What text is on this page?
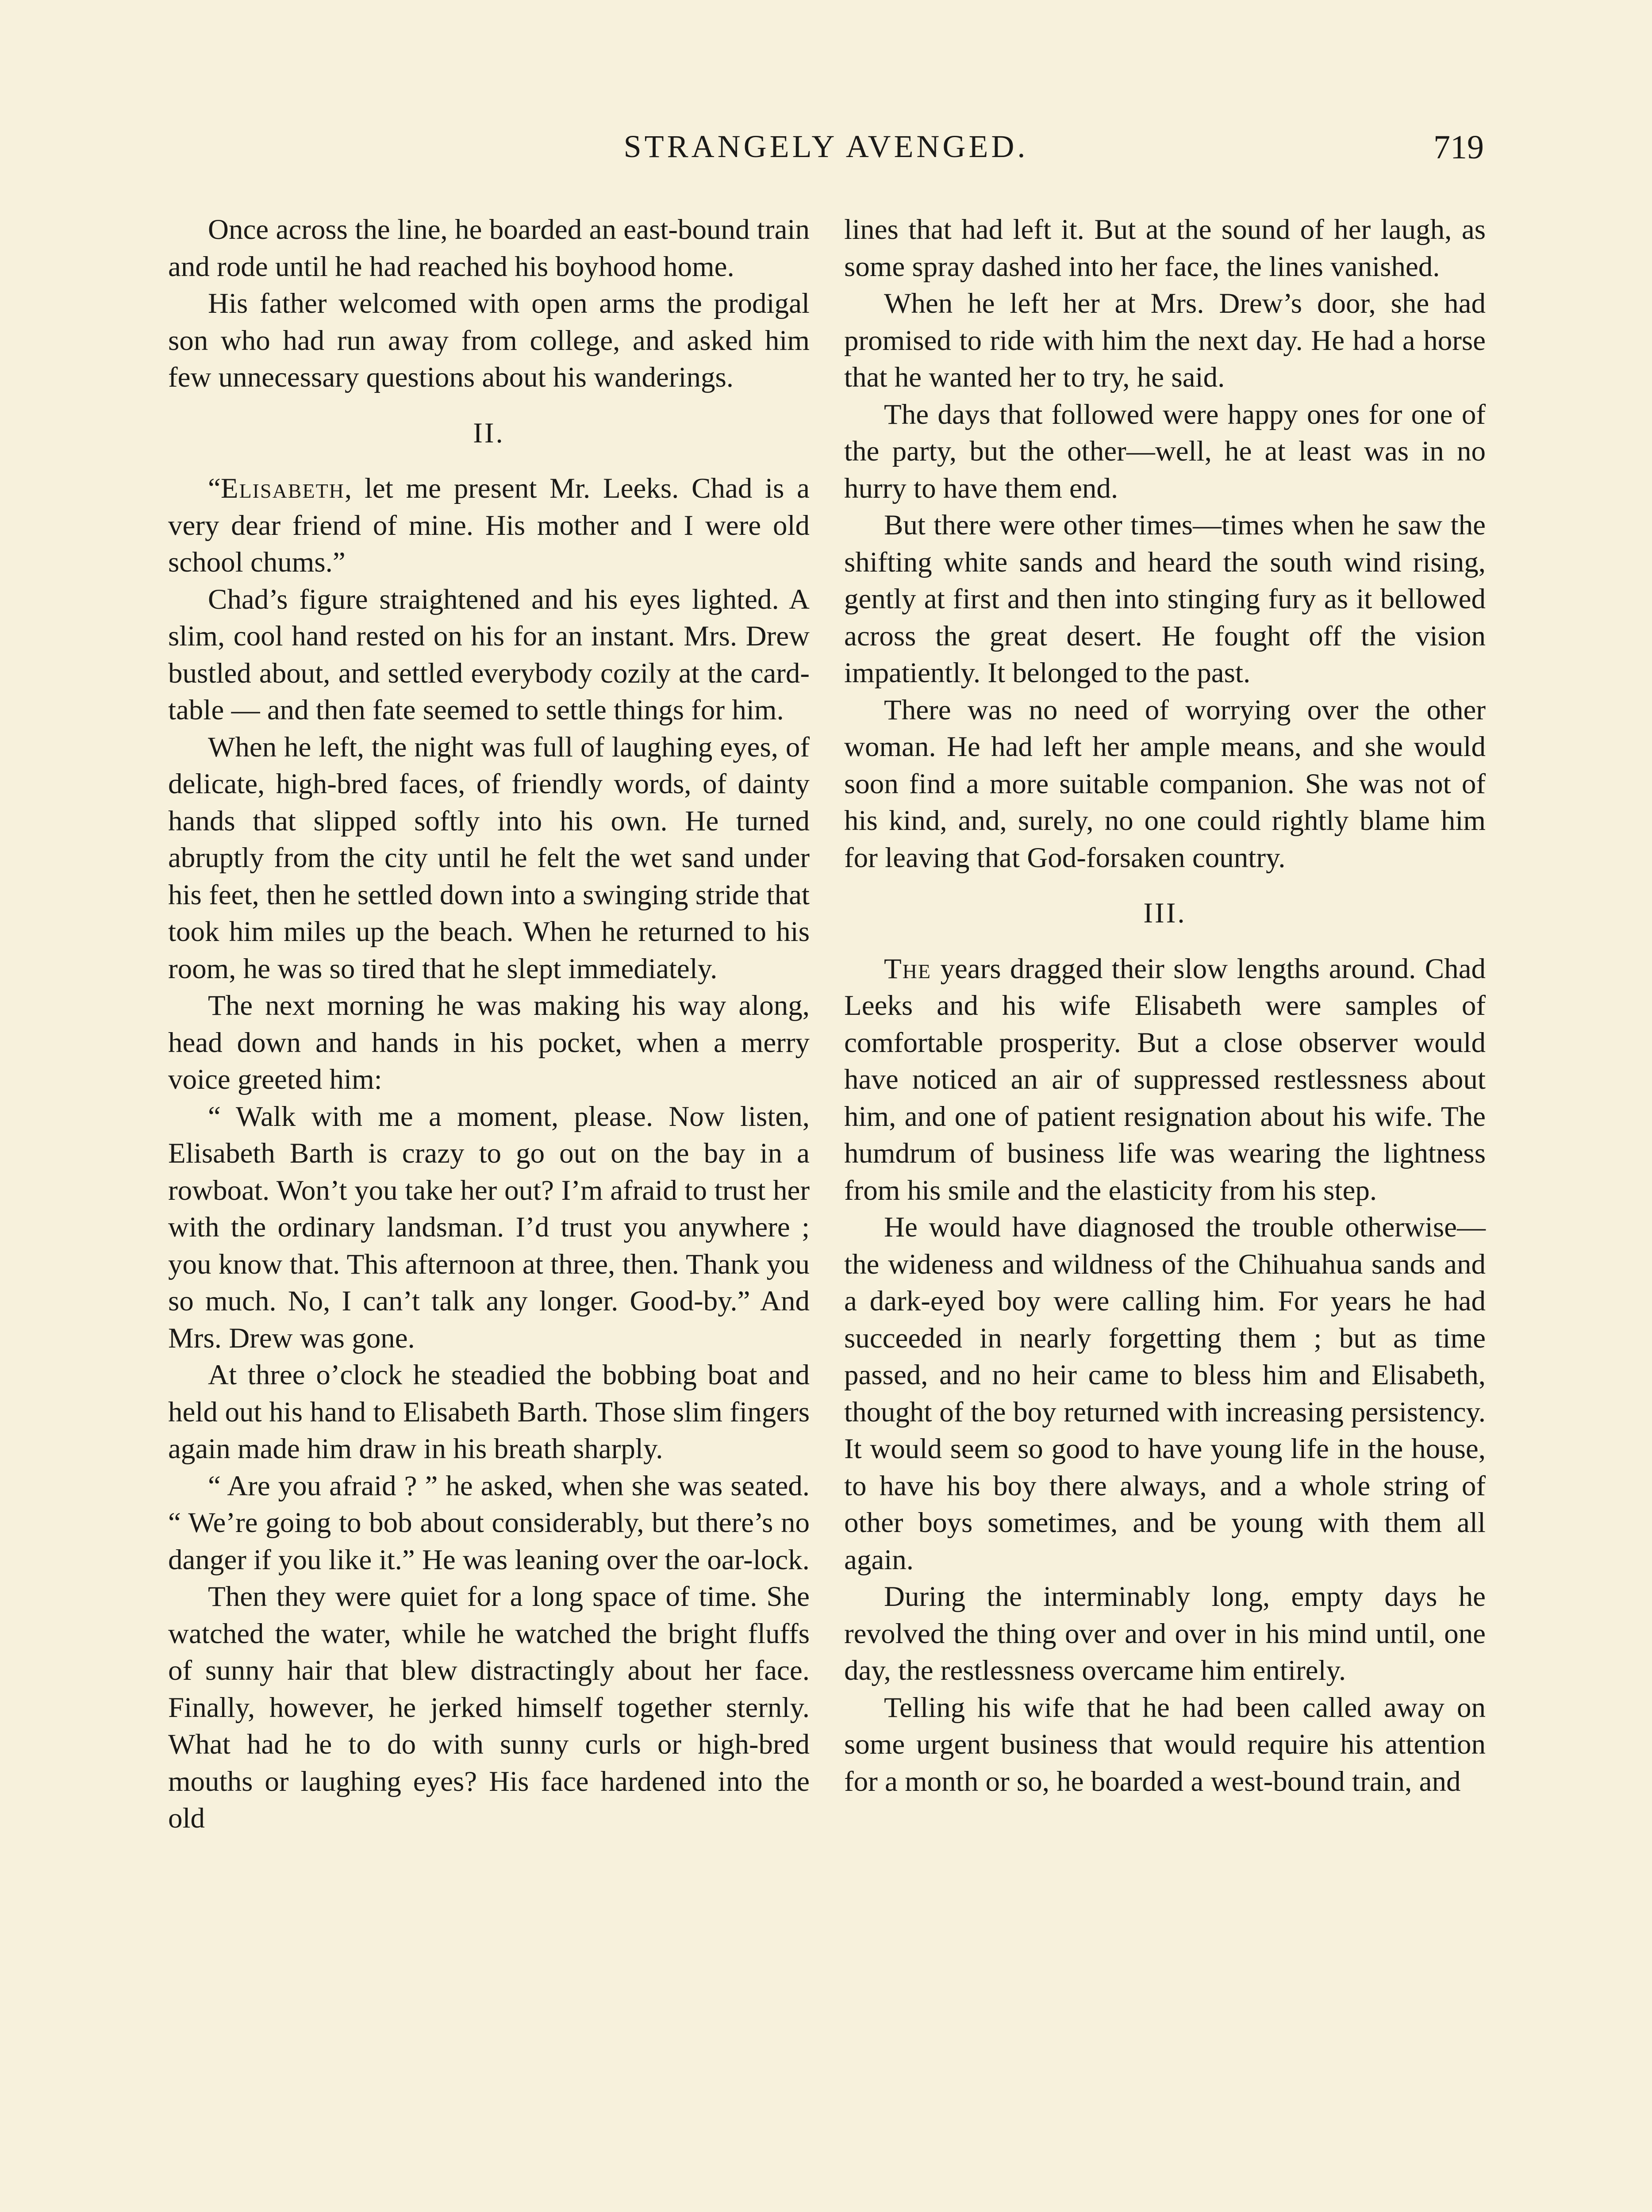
STRANGELY AVENGED.	719

Once across the line, he boarded an east-bound train and rode until he had reached his boyhood home.

His father welcomed with open arms the prodigal son who had run away from college, and asked him few unnecessary questions about his wanderings.

II.

“Elisabeth, let me present Mr. Leeks. Chad is a very dear friend of mine. His mother and I were old school chums.”

Chad’s figure straightened and his eyes lighted. A slim, cool hand rested on his for an instant. Mrs. Drew bustled about, and settled everybody cozily at the card-table — and then fate seemed to settle things for him.

When he left, the night was full of laughing eyes, of delicate, high-bred faces, of friendly words, of dainty hands that slipped softly into his own. He turned abruptly from the city until he felt the wet sand under his feet, then he settled down into a swinging stride that took him miles up the beach. When he returned to his room, he was so tired that he slept immediately.

The next morning he was making his way along, head down and hands in his pocket, when a merry voice greeted him:

“ Walk with me a moment, please. Now listen, Elisabeth Barth is crazy to go out on the bay in a rowboat. Won’t you take her out? I’m afraid to trust her with the ordinary landsman. I’d trust you anywhere ; you know that. This afternoon at three, then. Thank you so much. No, I can’t talk any longer. Good-by.” And Mrs. Drew was gone.

At three o’clock he steadied the bobbing boat and held out his hand to Elisabeth Barth. Those slim fingers again made him draw in his breath sharply.

“ Are you afraid ? ” he asked, when she was seated. “ We’re going to bob about considerably, but there’s no danger if you like it.” He was leaning over the oar-lock.

Then they were quiet for a long space of time. She watched the water, while he watched the bright fluffs of sunny hair that blew distractingly about her face. Finally, however, he jerked himself together sternly. What had he to do with sunny curls or high-bred mouths or laughing eyes? His face hardened into the old

lines that had left it. But at the sound of her laugh, as some spray dashed into her face, the lines vanished.

When he left her at Mrs. Drew’s door, she had promised to ride with him the next day. He had a horse that he wanted her to try, he said.

The days that followed were happy ones for one of the party, but the other—well, he at least was in no hurry to have them end.

But there were other times—times when he saw the shifting white sands and heard the south wind rising, gently at first and then into stinging fury as it bellowed across the great desert. He fought off the vision impatiently. It belonged to the past.

There was no need of worrying over the other woman. He had left her ample means, and she would soon find a more suitable companion. She was not of his kind, and, surely, no one could rightly blame him for leaving that God-forsaken country.

III.

The years dragged their slow lengths around. Chad Leeks and his wife Elisabeth were samples of comfortable prosperity. But a close observer would have noticed an air of suppressed restlessness about him, and one of patient resignation about his wife. The humdrum of business life was wearing the lightness from his smile and the elasticity from his step.

He would have diagnosed the trouble otherwise—the wideness and wildness of the Chihuahua sands and a dark-eyed boy were calling him. For years he had succeeded in nearly forgetting them ; but as time passed, and no heir came to bless him and Elisabeth, thought of the boy returned with increasing persistency. It would seem so good to have young life in the house, to have his boy there always, and a whole string of other boys sometimes, and be young with them all again.

During the interminably long, empty days he revolved the thing over and over in his mind until, one day, the restlessness overcame him entirely.

Telling his wife that he had been called away on some urgent business that would require his attention for a month or so, he boarded a west-bound train, and
